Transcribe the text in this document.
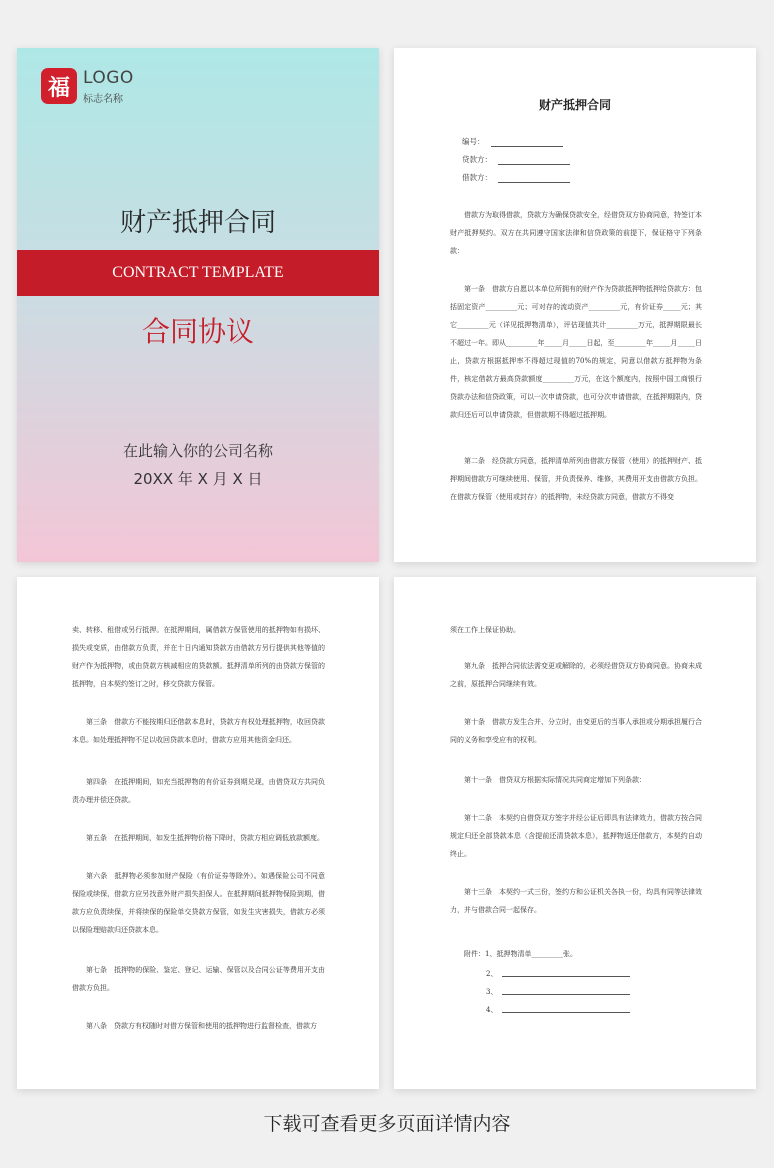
福 LOGO
标志名称
财产抵押合同
CONTRACT TEMPLATE
合同协议
在此输入你的公司名称
20XX 年 X 月 X 日
财产抵押合同
编号：
贷款方：
借款方：
借款方为取得借款，贷款方为确保贷款安全，经借贷双方协商同意，特签订本财产抵押契约。双方在共同遵守国家法律和信贷政策的前提下，保证格守下列条款：
第一条　借款方自愿以本单位所拥有的财产作为贷款抵押物抵押给贷款方：包括固定资产_________元；可对存的流动资产_________元，有价证券_____元；其它_________元（详见抵押物清单），评估现值共计_________万元，抵押期限最长不超过一年。即从_________年_____月_____日起，至_________年_____月_____日止，贷款方根据抵押率不得超过现值的70%的规定，同意以借款方抵押物为条件，核定借款方最高贷款额度_________万元，在这个额度内，按照中国工商银行贷款办法和信贷政策，可以一次申请贷款，也可分次申请借款，在抵押期限内，贷款归还后可以申请贷款，但借款期不得超过抵押期。
第二条　经贷款方同意，抵押清单所列由借款方保管（使用）的抵押财产、抵押期间借款方可继续使用、保管，并负责保养、维修，其费用开支由借款方负担。在借款方保管（使用或封存）的抵押物，未经贷款方同意，借款方不得变
卖、转移、租借或另行抵押。在抵押期间，属借款方保管使用的抵押物如有损坏、损失或变质，由借款方负责，并在十日内通知贷款方由借款方另行提供其他等值的财产作为抵押物，或由贷款方核减相应的贷款额。抵押清单所列的由贷款方保管的抵押物，自本契约签订之时，移交贷款方保管。
第三条　借款方不能按期归还借款本息时，贷款方有权处理抵押物，收回贷款本息。如处理抵押物不足以收回贷款本息时，借款方应用其他资金归还。
第四条　在抵押期间，如充当抵押物的有价证券到期兑现，由借贷双方共同负责办理并偿还贷款。
第五条　在抵押期间，如发生抵押物价格下降时，贷款方相应调低放款额度。
第六条　抵押物必须参加财产保险（有价证券等除外）。如遇保险公司不同意保险或续保，借款方应另找意外财产损失担保人。在抵押期间抵押物保险到期，借款方应负责续保，并将续保的保险单交贷款方保管，如发生灾害损失，借款方必须以保险理赔款归还贷款本息。
第七条　抵押物的保险、鉴定、登记、运输、保管以及合同公证等费用开支由借款方负担。
第八条　贷款方有权随时对借方保管和使用的抵押物进行监督检查，借款方
须在工作上保证协助。
第九条　抵押合同依法需变更或解除的，必须经借贷双方协商同意。协商未成之前，原抵押合同继续有效。
第十条　借款方发生合并、分立时，由变更后的当事人承担或分期承担履行合同的义务和享受应有的权利。
第十一条　借贷双方根据实际情况共同商定增加下列条款：
第十二条　本契约自借贷双方签字并经公证后即具有法律效力，借款方按合同规定归还全部贷款本息（含提前还清贷款本息），抵押物返还借款方，本契约自动终止。
第十三条　本契约一式三份，签约方和公证机关各执一份，均具有同等法律效力，并与借款合同一起保存。
附件：1、抵押物清单_________张。
2、
3、
4、
下载可查看更多页面详情内容
